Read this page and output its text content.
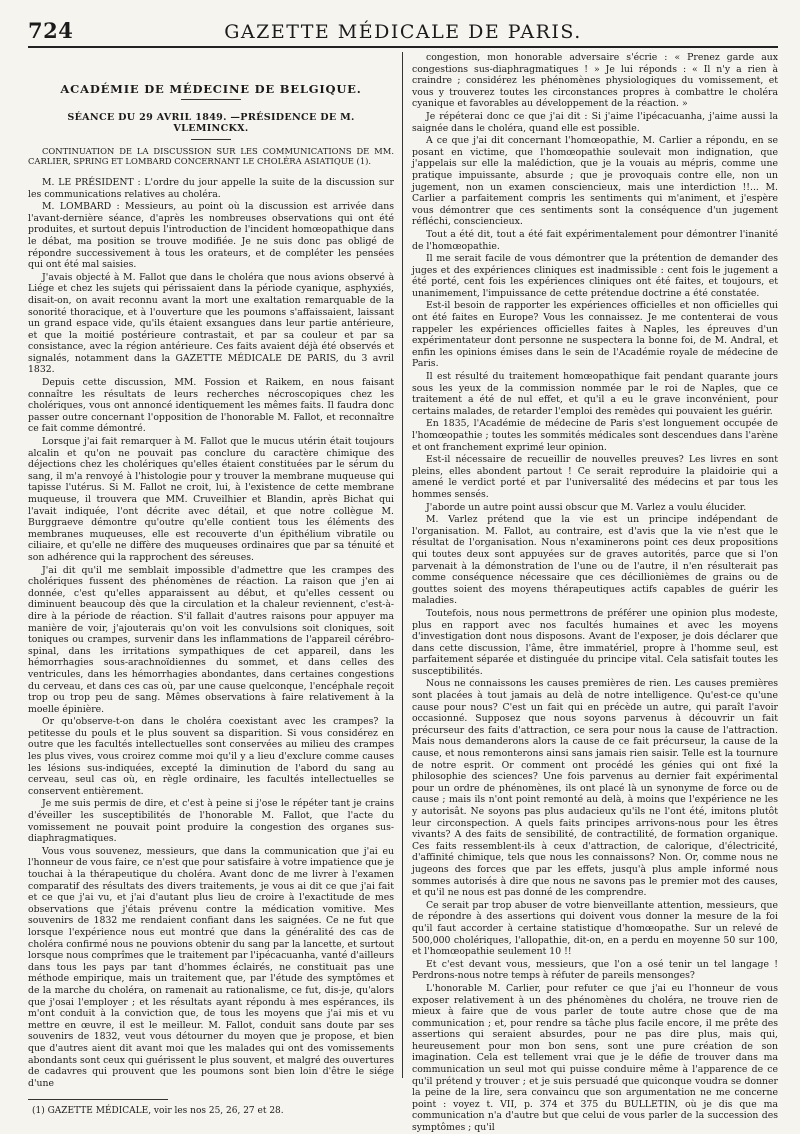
724	GAZETTE MÉDICALE DE PARIS.
ACADÉMIE DE MÉDECINE DE BELGIQUE.
SÉANCE DU 29 AVRIL 1849. —PRÉSIDENCE DE M. VLEMINCKX.
CONTINUATION DE LA DISCUSSION SUR LES COMMUNICATIONS DE MM. CARLIER, SPRING ET LOMBARD CONCERNANT LE CHOLÉRA ASIATIQUE (1).

M. LE PRÉSIDENT : L'ordre du jour appelle la suite de la discussion sur les communications relatives au choléra.

M. LOMBARD : Messieurs, au point où la discussion est arrivée dans l'avant-dernière séance, d'après les nombreuses observations qui ont été produites, et surtout depuis l'introduction de l'incident homœopathique dans le débat, ma position se trouve modifiée. Je ne suis donc pas obligé de répondre successivement à tous les orateurs, et de compléter les pensées qui ont été mal saisies.

J'avais objecté à M. Fallot que dans le choléra que nous avions observé à Liége et chez les sujets qui périssaient dans la période cyanique, asphyxiés, disait-on, on avait reconnu avant la mort une exaltation remarquable de la sonorité thoracique, et à l'ouverture que les poumons s'affaissaient, laissant un grand espace vide, qu'ils étaient exsangues dans leur partie antérieure, et que la moitié postérieure contrastait, et par sa couleur et par sa consistance, avec la région antérieure. Ces faits avaient déjà été observés et signalés, notamment dans la GAZETTE MÉDICALE DE PARIS, du 3 avril 1832.

Depuis cette discussion, MM. Fossion et Raikem, en nous faisant connaître les résultats de leurs recherches nécroscopiques chez les cholériques, vous ont annoncé identiquement les mêmes faits. Il faudra donc passer outre concernant l'opposition de l'honorable M. Fallot, et reconnaître ce fait comme démontré.

Lorsque j'ai fait remarquer à M. Fallot que le mucus utérin était toujours alcalin et qu'on ne pouvait pas conclure du caractère chimique des déjections chez les cholériques qu'elles étaient constituées par le sérum du sang, il m'a renvoyé à l'histologie pour y trouver la membrane muqueuse qui tapisse l'utérus. Si M. Fallot ne croit, lui, à l'existence de cette membrane muqueuse, il trouvera que MM. Cruveilhier et Blandin, après Bichat qui l'avait indiquée, l'ont décrite avec détail, et que notre collègue M. Burggraeve démontre qu'outre qu'elle contient tous les éléments des membranes muqueuses, elle est recouverte d'un épithélium vibratile ou ciliaire, et qu'elle ne diffère des muqueuses ordinaires que par sa ténuité et son adhérence qui la rapprochent des séreuses.

J'ai dit qu'il me semblait impossible d'admettre que les crampes des cholériques fussent des phénomènes de réaction. La raison que j'en ai donnée, c'est qu'elles apparaissent au début, et qu'elles cessent ou diminuent beaucoup dès que la circulation et la chaleur reviennent, c'est-à-dire à la période de réaction. S'il fallait d'autres raisons pour appuyer ma manière de voir, j'ajouterais qu'on voit les convulsions soit cloniques, soit toniques ou crampes, survenir dans les inflammations de l'appareil cérébro-spinal, dans les irritations sympathiques de cet appareil, dans les hémorrhagies sous-arachnoïdiennes du sommet, et dans celles des ventricules, dans les hémorrhagies abondantes, dans certaines congestions du cerveau, et dans ces cas où, par une cause quelconque, l'encéphale reçoit trop ou trop peu de sang. Mêmes observations à faire relativement à la moelle épinière.

Or qu'observe-t-on dans le choléra coexistant avec les crampes? la petitesse du pouls et le plus souvent sa disparition. Si vous considérez en outre que les facultés intellectuelles sont conservées au milieu des crampes les plus vives, vous croirez comme moi qu'il y a lieu d'exclure comme causes les lésions sus-indiquées, excepté la diminution de l'abord du sang au cerveau, seul cas où, en règle ordinaire, les facultés intellectuelles se conservent entièrement.

Je me suis permis de dire, et c'est à peine si j'ose le répéter tant je crains d'éveiller les susceptibilités de l'honorable M. Fallot, que l'acte du vomissement ne pouvait point produire la congestion des organes sus-diaphragmatiques.

Vous vous souvenez, messieurs, que dans la communication que j'ai eu l'honneur de vous faire, ce n'est que pour satisfaire à votre impatience que je touchai à la thérapeutique du choléra. Avant donc de me livrer à l'examen comparatif des résultats des divers traitements, je vous ai dit ce que j'ai fait et ce que j'ai vu, et j'ai d'autant plus lieu de croire à l'exactitude de mes observations que j'étais prévenu contre la médication vomitive. Mes souvenirs de 1832 me rendaient confiant dans les saignées. Ce ne fut que lorsque l'expérience nous eut montré que dans la généralité des cas de choléra confirmé nous ne pouvions obtenir du sang par la lancette, et surtout lorsque nous comprîmes que le traitement par l'ipécacuanha, vanté d'ailleurs dans tous les pays par tant d'hommes éclairés, ne constituait pas une méthode empirique, mais un traitement que, par l'étude des symptômes et de la marche du choléra, on ramenait au rationalisme, ce fut, dis-je, qu'alors que j'osai l'employer ; et les résultats ayant répondu à mes espérances, ils m'ont conduit à la conviction que, de tous les moyens que j'ai mis et vu mettre en œuvre, il est le meilleur. M. Fallot, conduit sans doute par ses souvenirs de 1832, veut vous détourner du moyen que je propose, et bien que d'autres aient dit avant moi que les malades qui ont des vomissements abondants sont ceux qui guérissent le plus souvent, et malgré des ouvertures de cadavres qui prouvent que les poumons sont bien loin d'être le siége d'une

(1) GAZETTE MÉDICALE, voir les nos 25, 26, 27 et 28.

congestion, mon honorable adversaire s'écrie : « Prenez garde aux congestions sus-diaphragmatiques ! » Je lui réponds : « Il n'y a rien à craindre ; considérez les phénomènes physiologiques du vomissement, et vous y trouverez toutes les circonstances propres à combattre le choléra cyanique et favorables au développement de la réaction. »

Je répéterai donc ce que j'ai dit : Si j'aime l'ipécacuanha, j'aime aussi la saignée dans le choléra, quand elle est possible.

A ce que j'ai dit concernant l'homœopathie, M. Carlier a répondu, en se posant en victime, que l'homœopathie soulevait mon indignation, que j'appelais sur elle la malédiction, que je la vouais au mépris, comme une pratique impuissante, absurde ; que je provoquais contre elle, non un jugement, non un examen consciencieux, mais une interdiction !!... M. Carlier a parfaitement compris les sentiments qui m'animent, et j'espère vous démontrer que ces sentiments sont la conséquence d'un jugement réfléchi, consciencieux.

Tout a été dit, tout a été fait expérimentalement pour démontrer l'inanité de l'homœopathie.

Il me serait facile de vous démontrer que la prétention de demander des juges et des expériences cliniques est inadmissible : cent fois le jugement a été porté, cent fois les expériences cliniques ont été faites, et toujours, et unanimement, l'impuissance de cette prétendue doctrine a été constatée.

Est-il besoin de rapporter les expériences officielles et non officielles qui ont été faites en Europe? Vous les connaissez. Je me contenterai de vous rappeler les expériences officielles faites à Naples, les épreuves d'un expérimentateur dont personne ne suspectera la bonne foi, de M. Andral, et enfin les opinions émises dans le sein de l'Académie royale de médecine de Paris.

Il est résulté du traitement homœopathique fait pendant quarante jours sous les yeux de la commission nommée par le roi de Naples, que ce traitement a été de nul effet, et qu'il a eu le grave inconvénient, pour certains malades, de retarder l'emploi des remèdes qui pouvaient les guérir.

En 1835, l'Académie de médecine de Paris s'est longuement occupée de l'homœopathie ; toutes les sommités médicales sont descendues dans l'arène et ont franchement exprimé leur opinion.

Est-il nécessaire de recueillir de nouvelles preuves? Les livres en sont pleins, elles abondent partout ! Ce serait reproduire la plaidoirie qui a amené le verdict porté et par l'universalité des médecins et par tous les hommes sensés.

J'aborde un autre point aussi obscur que M. Varlez a voulu élucider.

M. Varlez prétend que la vie est un principe indépendant de l'organisation. M. Fallot, au contraire, est d'avis que la vie n'est que le résultat de l'organisation. Nous n'examinerons point ces deux propositions qui toutes deux sont appuyées sur de graves autorités, parce que si l'on parvenait à la démonstration de l'une ou de l'autre, il n'en résulterait pas comme conséquence nécessaire que ces décillionièmes de grains ou de gouttes soient des moyens thérapeutiques actifs capables de guérir les maladies.

Toutefois, nous nous permettrons de préférer une opinion plus modeste, plus en rapport avec nos facultés humaines et avec les moyens d'investigation dont nous disposons. Avant de l'exposer, je dois déclarer que dans cette discussion, l'âme, être immatériel, propre à l'homme seul, est parfaitement séparée et distinguée du principe vital. Cela satisfait toutes les susceptibilités.

Nous ne connaissons les causes premières de rien. Les causes premières sont placées à tout jamais au delà de notre intelligence. Qu'est-ce qu'une cause pour nous? C'est un fait qui en précède un autre, qui paraît l'avoir occasionné. Supposez que nous soyons parvenus à découvrir un fait précurseur des faits d'attraction, ce sera pour nous la cause de l'attraction. Mais nous demanderons alors la cause de ce fait précurseur, la cause de la cause, et nous remonterons ainsi sans jamais rien saisir. Telle est la tournure de notre esprit. Or comment ont procédé les génies qui ont fixé la philosophie des sciences? Une fois parvenus au dernier fait expérimental pour un ordre de phénomènes, ils ont placé là un synonyme de force ou de cause ; mais ils n'ont point remonté au delà, à moins que l'expérience ne les y autorisât. Ne soyons pas plus audacieux qu'ils ne l'ont été, imitons plutôt leur circonspection. A quels faits principes arrivons-nous pour les êtres vivants? A des faits de sensibilité, de contractilité, de formation organique. Ces faits ressemblent-ils à ceux d'attraction, de calorique, d'électricité, d'affinité chimique, tels que nous les connaissons? Non. Or, comme nous ne jugeons des forces que par les effets, jusqu'à plus ample informé nous sommes autorisés à dire que nous ne savons pas le premier mot des causes, et qu'il ne nous est pas donné de les comprendre.

Ce serait par trop abuser de votre bienveillante attention, messieurs, que de répondre à des assertions qui doivent vous donner la mesure de la foi qu'il faut accorder à certaine statistique d'homœopathe. Sur un relevé de 500,000 cholériques, l'allopathie, dit-on, en a perdu en moyenne 50 sur 100, et l'homœopathie seulement 10 !!

Et c'est devant vous, messieurs, que l'on a osé tenir un tel langage ! Perdrons-nous notre temps à réfuter de pareils mensonges?

L'honorable M. Carlier, pour refuter ce que j'ai eu l'honneur de vous exposer relativement à un des phénomènes du choléra, ne trouve rien de mieux à faire que de vous parler de toute autre chose que de ma communication ; et, pour rendre sa tâche plus facile encore, il me prête des assertions qui seraient absurdes, pour ne pas dire plus, mais qui, heureusement pour mon bon sens, sont une pure création de son imagination. Cela est tellement vrai que je le défie de trouver dans ma communication un seul mot qui puisse conduire même à l'apparence de ce qu'il prétend y trouver ; et je suis persuadé que quiconque voudra se donner la peine de la lire, sera convaincu que son argumentation ne me concerne point : voyez t. VII, p. 374 et 375 du BULLETIN, où je dis que ma communication n'a d'autre but que celui de vous parler de la succession des symptômes ; qu'il
